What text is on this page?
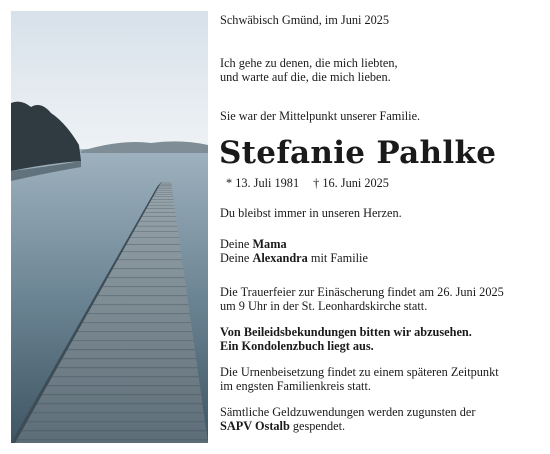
Schwäbisch Gmünd, im Juni 2025

Ich gehe zu denen, die mich liebten,

und warte auf die, die mich lieben.

Sie war der Mittelpunkt unserer Familie.

Stefanie Pahlke

* 13. Juli 1981 † 16. Juni 2025

Du bleibst immer in unseren Herzen.

Deine Mama

Deine Alexandra mit Familie

Die Trauerfeier zur Einäscherung findet am 26. Juni 2025

um 9 Uhr in der St. Leonhardskirche statt.

Von Beileidsbekundungen bitten wir abzusehen.

Ein Kondolenzbuch liegt aus.

Die Urnenbeisetzung findet zu einem späteren Zeitpunkt

im engsten Familienkreis statt.

Sämtliche Geldzuwendungen werden zugunsten der

SAPV Ostalb gespendet.
